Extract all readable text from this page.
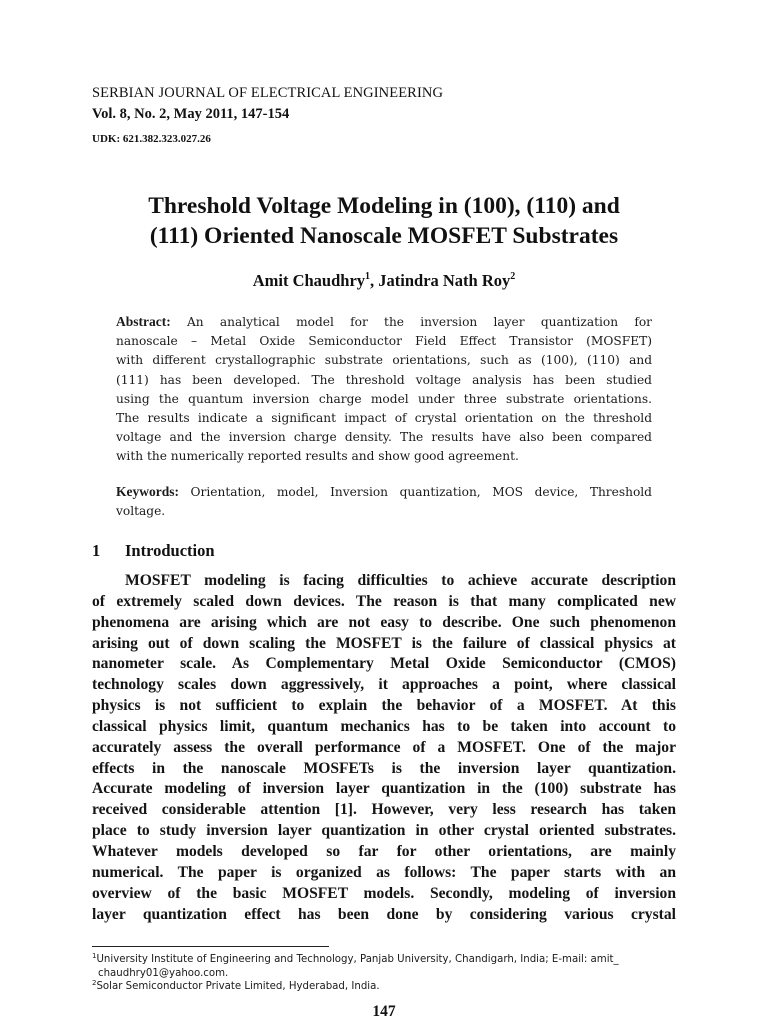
SERBIAN JOURNAL OF ELECTRICAL ENGINEERING
Vol. 8, No. 2, May 2011, 147-154
UDK: 621.382.323.027.26
Threshold Voltage Modeling in (100), (110) and
(111) Oriented Nanoscale MOSFET Substrates
Amit Chaudhry$^1$, Jatindra Nath Roy$^2$
Abstract: An analytical model for the inversion layer quantization for
nanoscale – Metal Oxide Semiconductor Field Effect Transistor (MOSFET)
with different crystallographic substrate orientations, such as (100), (110) and
(111) has been developed. The threshold voltage analysis has been studied
using the quantum inversion charge model under three substrate orientations.
The results indicate a significant impact of crystal orientation on the threshold
voltage and the inversion charge density. The results have also been compared
with the numerically reported results and show good agreement.
Keywords: Orientation, model, Inversion quantization, MOS device, Threshold
voltage.
1 Introduction
MOSFET modeling is facing difficulties to achieve accurate description
of extremely scaled down devices. The reason is that many complicated new
phenomena are arising which are not easy to describe. One such phenomenon
arising out of down scaling the MOSFET is the failure of classical physics at
nanometer scale. As Complementary Metal Oxide Semiconductor (CMOS)
technology scales down aggressively, it approaches a point, where classical
physics is not sufficient to explain the behavior of a MOSFET. At this
classical physics limit, quantum mechanics has to be taken into account to
accurately assess the overall performance of a MOSFET. One of the major
effects in the nanoscale MOSFETs is the inversion layer quantization.
Accurate modeling of inversion layer quantization in the (100) substrate has
received considerable attention [1]. However, very less research has taken
place to study inversion layer quantization in other crystal oriented substrates.
Whatever models developed so far for other orientations, are mainly
numerical. The paper is organized as follows: The paper starts with an
overview of the basic MOSFET models. Secondly, modeling of inversion
layer quantization effect has been done by considering various crystal
$^1$University Institute of Engineering and Technology, Panjab University, Chandigarh, India; E-mail: amit_
chaudhry01@yahoo.com.
$^2$Solar Semiconductor Private Limited, Hyderabad, India.
147
